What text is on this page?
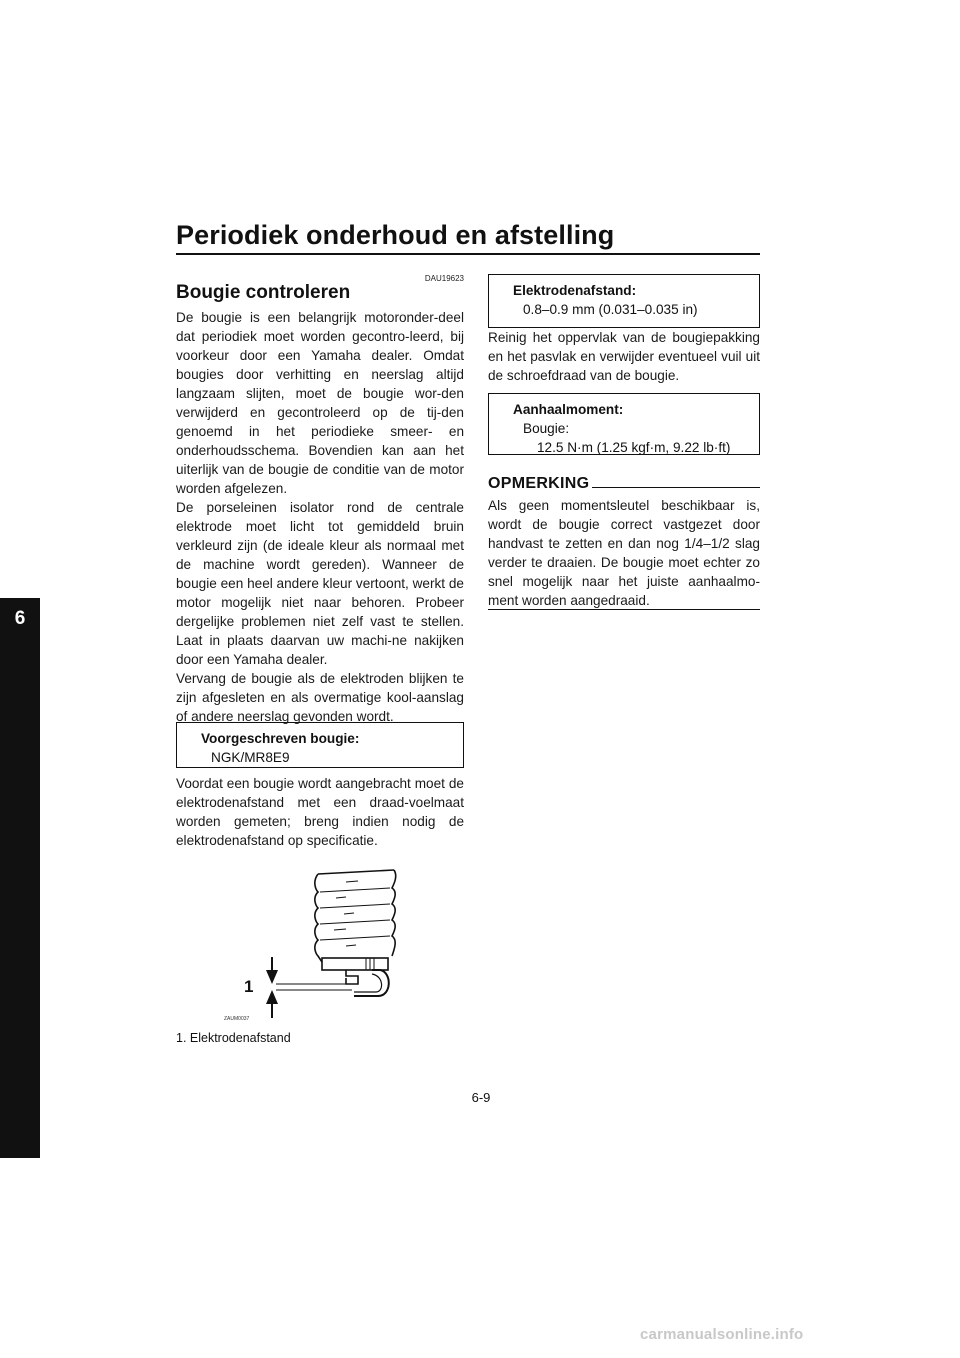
Periodiek onderhoud en afstelling
6
DAU19623
Bougie controleren

De bougie is een belangrijk motoronder-deel dat periodiek moet worden gecontro-leerd, bij voorkeur door een Yamaha dealer. Omdat bougies door verhitting en neerslag altijd langzaam slijten, moet de bougie wor-den verwijderd en gecontroleerd op de tij-den genoemd in het periodieke smeer- en onderhoudsschema. Bovendien kan aan het uiterlijk van de bougie de conditie van de motor worden afgelezen.

De porseleinen isolator rond de centrale elektrode moet licht tot gemiddeld bruin verkleurd zijn (de ideale kleur als normaal met de machine wordt gereden). Wanneer de bougie een heel andere kleur vertoont, werkt de motor mogelijk niet naar behoren. Probeer dergelijke problemen niet zelf vast te stellen. Laat in plaats daarvan uw machi-ne nakijken door een Yamaha dealer.

Vervang de bougie als de elektroden blijken te zijn afgesleten en als overmatige kool-aanslag of andere neerslag gevonden wordt.

Voorgeschreven bougie:
NGK/MR8E9
Voordat een bougie wordt aangebracht moet de elektrodenafstand met een draad-voelmaat worden gemeten; breng indien nodig de elektrodenafstand op specificatie.
1
ZAUM0037
1. Elektrodenafstand
Elektrodenafstand:
0.8–0.9 mm (0.031–0.035 in)
Reinig het oppervlak van de bougiepakking en het pasvlak en verwijder eventueel vuil uit de schroefdraad van de bougie.
Aanhaalmoment:
Bougie:
12.5 N·m (1.25 kgf·m, 9.22 lb·ft)
OPMERKING
Als geen momentsleutel beschikbaar is, wordt de bougie correct vastgezet door handvast te zetten en dan nog 1/4–1/2 slag verder te draaien. De bougie moet echter zo snel mogelijk naar het juiste aanhaalmo-ment worden aangedraaid.
6-9
carmanualsonline.info
